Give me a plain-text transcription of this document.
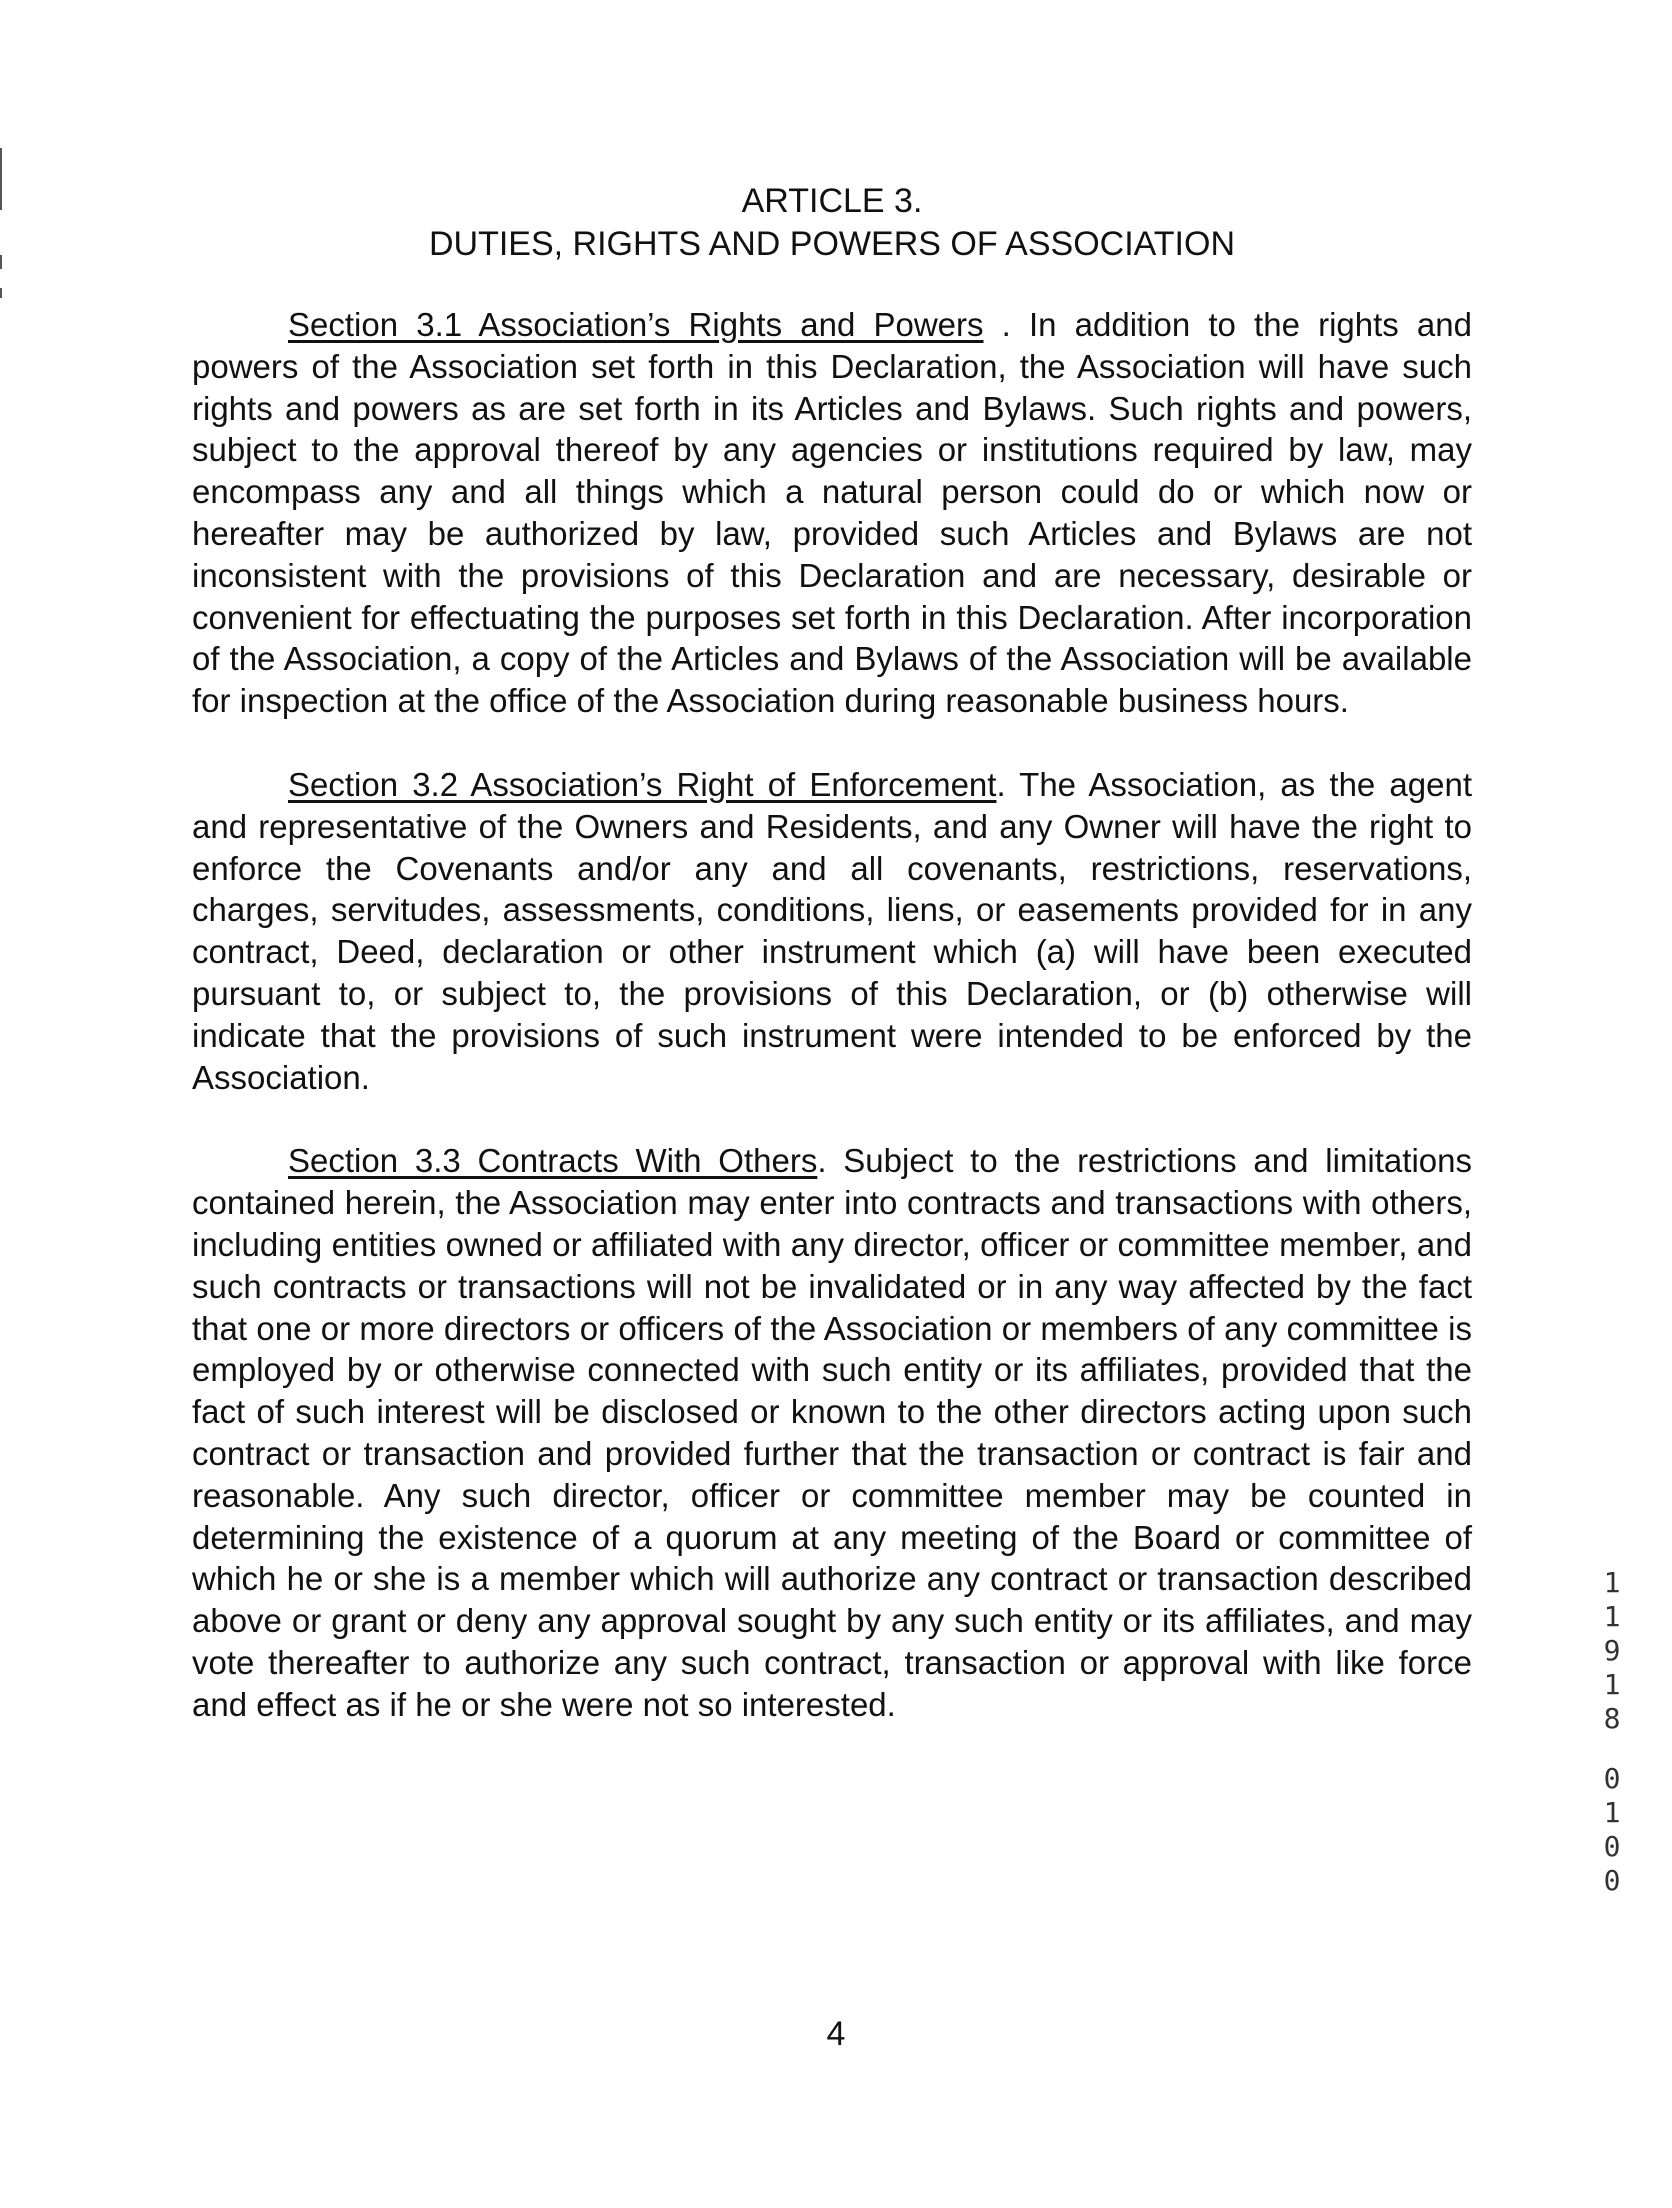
ARTICLE 3.
DUTIES, RIGHTS AND POWERS OF ASSOCIATION

Section 3.1 Association’s Rights and Powers . In addition to the rights and powers of the Association set forth in this Declaration, the Association will have such rights and powers as are set forth in its Articles and Bylaws. Such rights and powers, subject to the approval thereof by any agencies or institutions required by law, may encompass any and all things which a natural person could do or which now or hereafter may be authorized by law, provided such Articles and Bylaws are not inconsistent with the provisions of this Declaration and are necessary, desirable or convenient for effectuating the purposes set forth in this Declaration. After incorporation of the Association, a copy of the Articles and Bylaws of the Association will be available for inspection at the office of the Association during reasonable business hours.

Section 3.2 Association’s Right of Enforcement. The Association, as the agent and representative of the Owners and Residents, and any Owner will have the right to enforce the Covenants and/or any and all covenants, restrictions, reservations, charges, servitudes, assessments, conditions, liens, or easements provided for in any contract, Deed, declaration or other instrument which (a) will have been executed pursuant to, or subject to, the provisions of this Declaration, or (b) otherwise will indicate that the provisions of such instrument were intended to be enforced by the Association.

Section 3.3 Contracts With Others. Subject to the restrictions and limitations contained herein, the Association may enter into contracts and transactions with others, including entities owned or affiliated with any director, officer or committee member, and such contracts or transactions will not be invalidated or in any way affected by the fact that one or more directors or officers of the Association or members of any committee is employed by or otherwise connected with such entity or its affiliates, provided that the fact of such interest will be disclosed or known to the other directors acting upon such contract or transaction and provided further that the transaction or contract is fair and reasonable. Any such director, officer or committee member may be counted in determining the existence of a quorum at any meeting of the Board or committee of which he or she is a member which will authorize any contract or transaction described above or grant or deny any approval sought by any such entity or its affiliates, and may vote thereafter to authorize any such contract, transaction or approval with like force and effect as if he or she were not so interested.

1
1
9
1
8
0
1
0
0
4
